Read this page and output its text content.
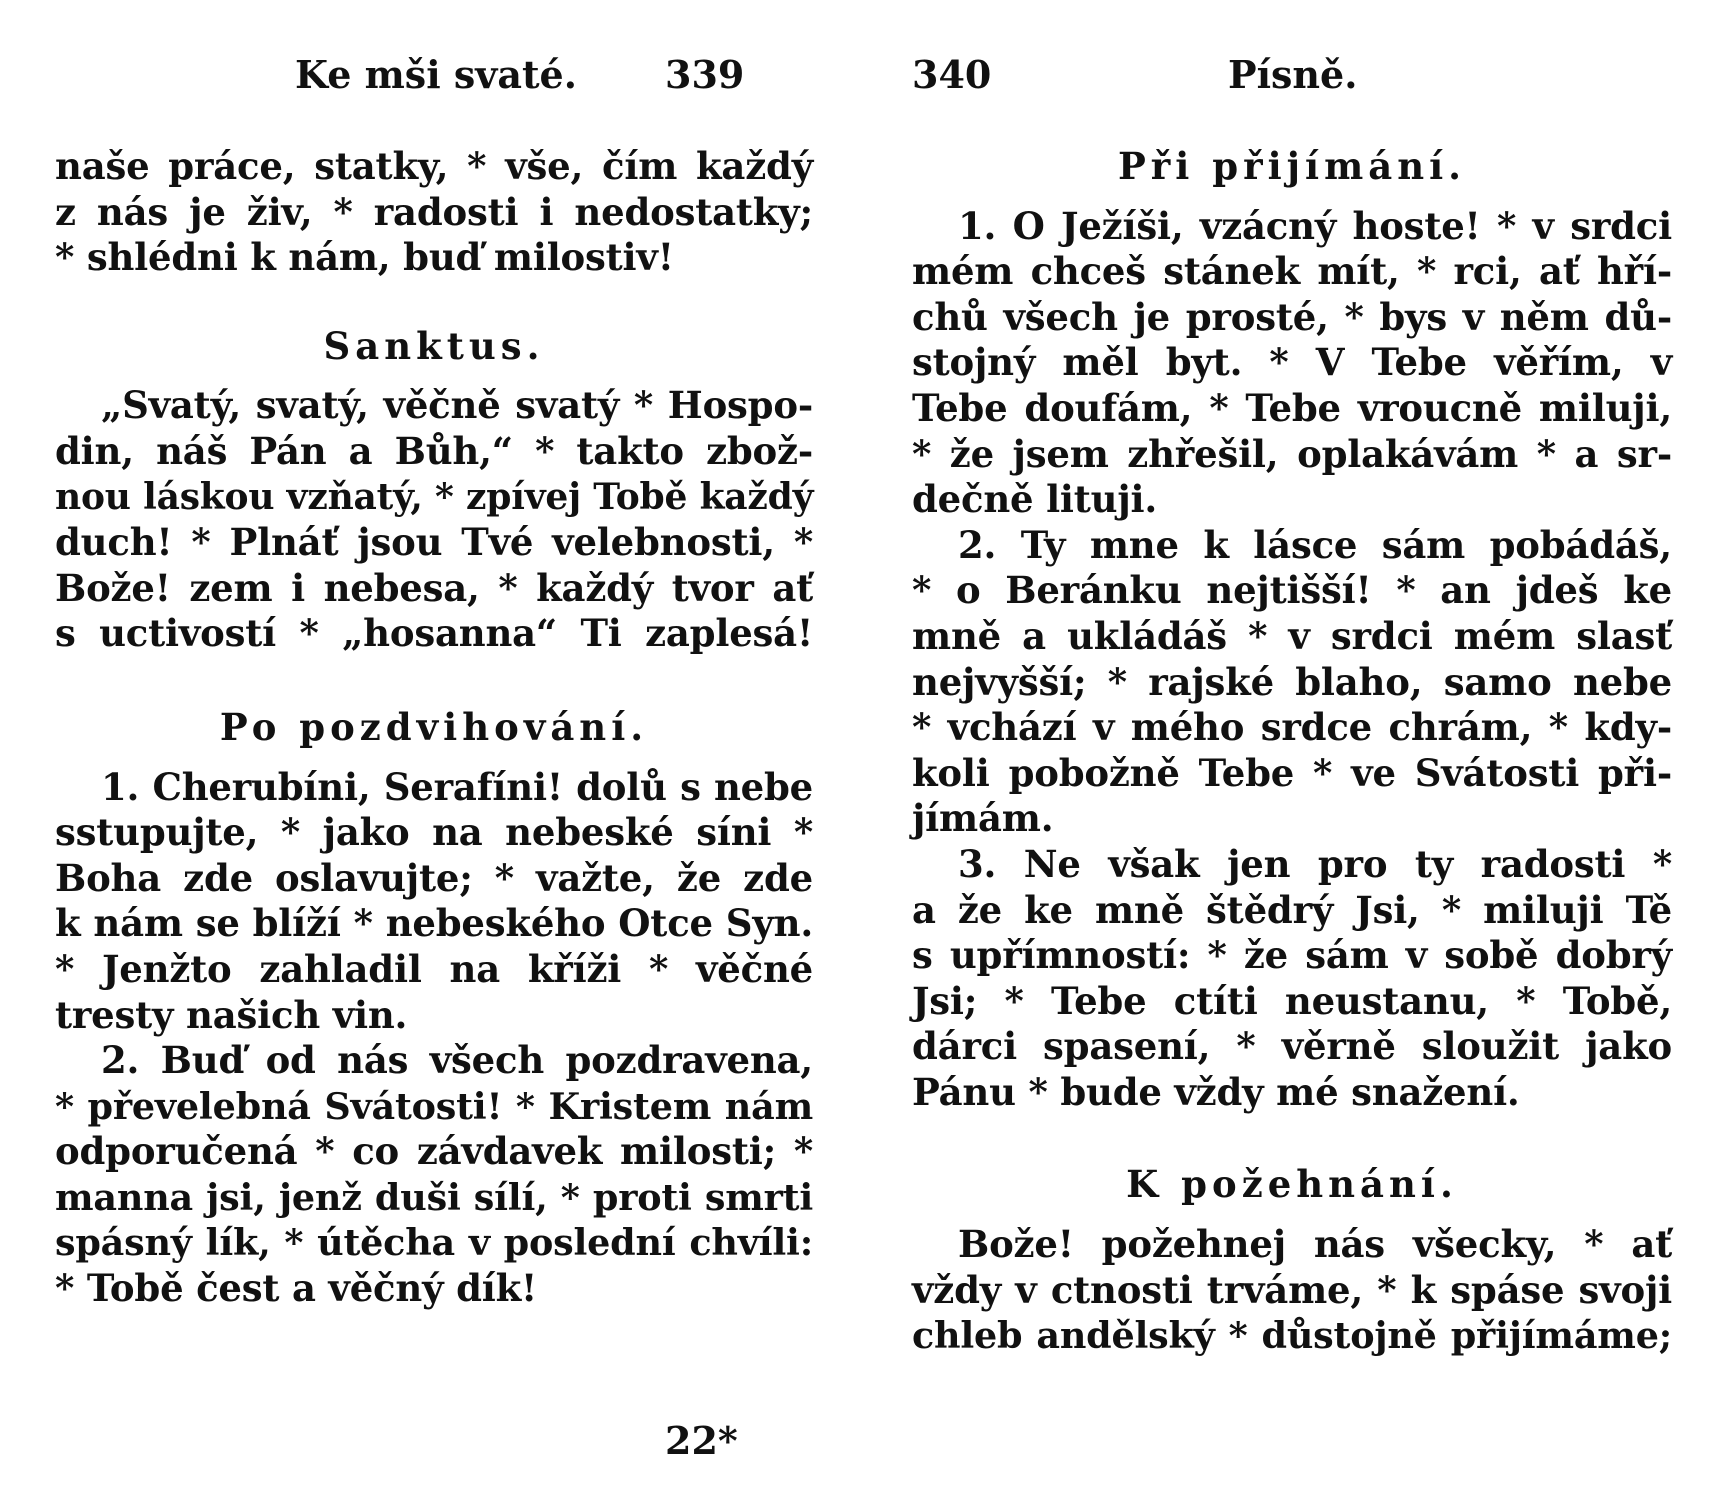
Ke mši svaté. 339
naše práce, statky, * vše, čím každý
z nás je živ, * radosti i nedostatky;
* shlédni k nám, buď milostiv!
Sanktus.
„Svatý, svatý, věčně svatý * Hospo-
din, náš Pán a Bůh,“ * takto zbož-
nou láskou vzňatý, * zpívej Tobě každý
duch! * Plnáť jsou Tvé velebnosti, *
Bože! zem i nebesa, * každý tvor ať
s uctivostí * „hosanna“ Ti zaplesá!
Po pozdvihování.
1. Cherubíni, Serafíni! dolů s nebe
sstupujte, * jako na nebeské síni *
Boha zde oslavujte; * važte, že zde
k nám se blíží * nebeského Otce Syn.
* Jenžto zahladil na kříži * věčné
tresty našich vin.
2. Buď od nás všech pozdravena,
* převelebná Svátosti! * Kristem nám
odporučená * co závdavek milosti; *
manna jsi, jenž duši sílí, * proti smrti
spásný lík, * útěcha v poslední chvíli:
* Tobě čest a věčný dík!
22*
340	Písně.
Při přijímání.
1. O Ježíši, vzácný hoste! * v srdci
mém chceš stánek mít, * rci, ať hří-
chů všech je prosté, * bys v něm dů-
stojný měl byt. * V Tebe věřím, v
Tebe doufám, * Tebe vroucně miluji,
* že jsem zhřešil, oplakávám * a sr-
dečně lituji.
2. Ty mne k lásce sám pobádáš,
* o Beránku nejtišší! * an jdeš ke
mně a ukládáš * v srdci mém slasť
nejvyšší; * rajské blaho, samo nebe
* vchází v mého srdce chrám, * kdy-
koli pobožně Tebe * ve Svátosti při-
jímám.
3. Ne však jen pro ty radosti *
a že ke mně štědrý Jsi, * miluji Tě
s upřímností: * že sám v sobě dobrý
Jsi; * Tebe ctíti neustanu, * Tobě,
dárci spasení, * věrně sloužit jako
Pánu * bude vždy mé snažení.
K požehnání.
Bože! požehnej nás všecky, * ať
vždy v ctnosti trváme, * k spáse svoji
chleb andělský * důstojně přijímáme;
